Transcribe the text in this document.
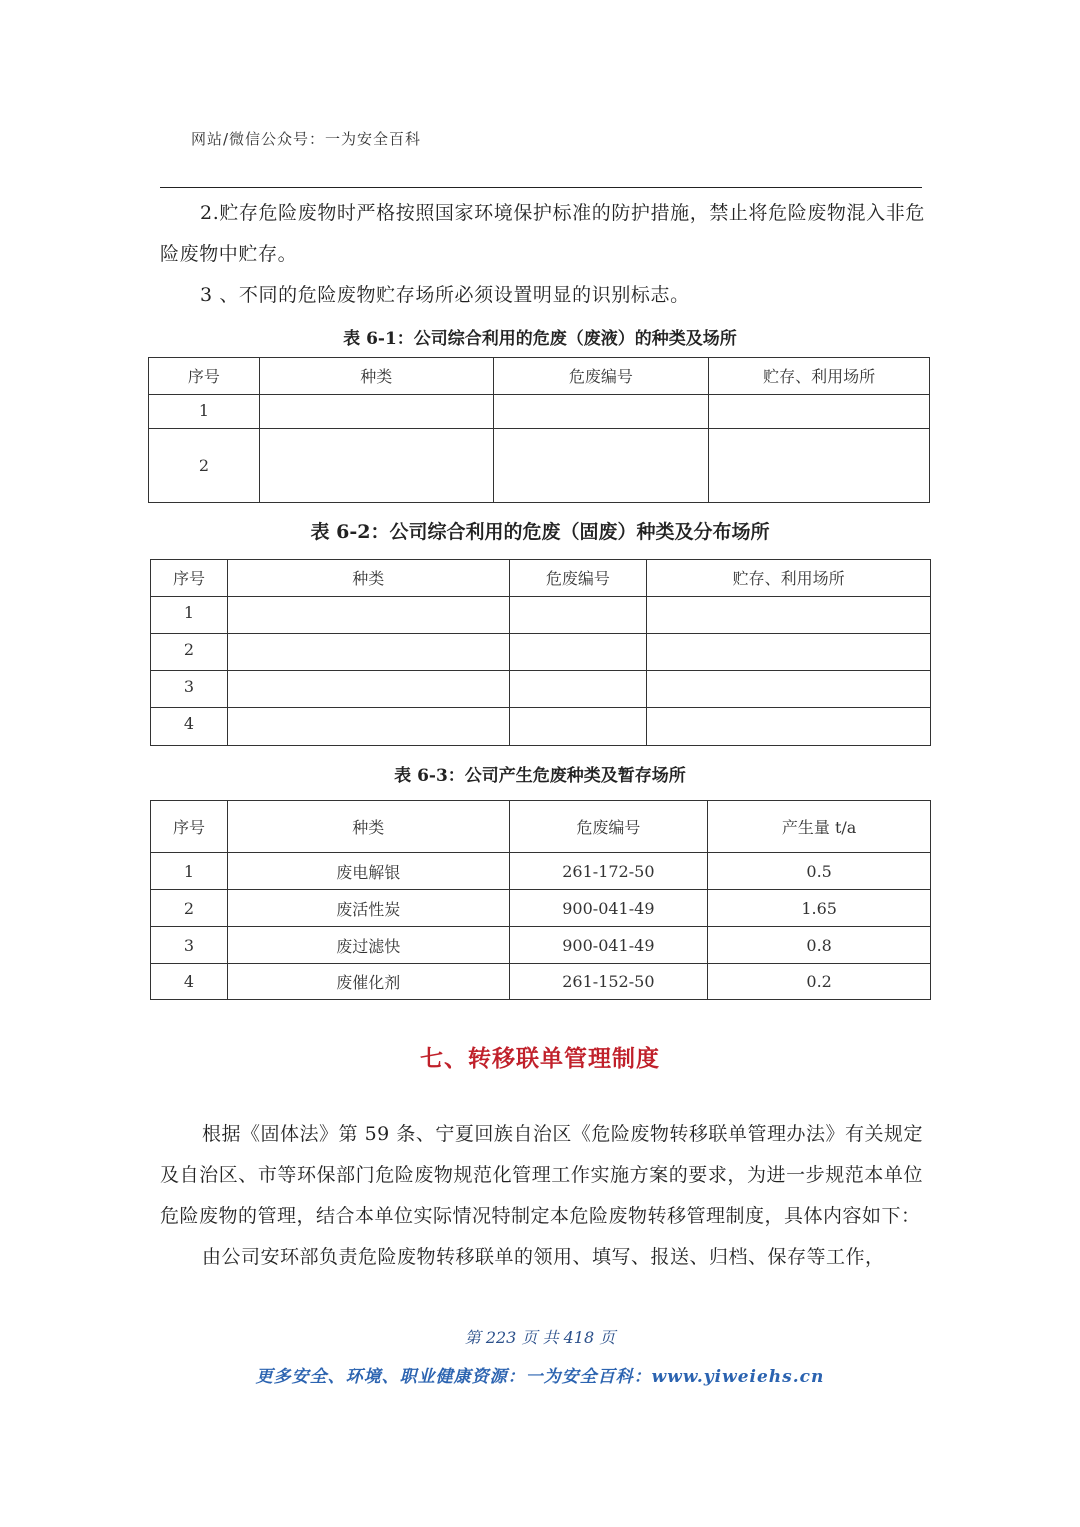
网站/微信公众号：一为安全百科
2.贮存危险废物时严格按照国家环境保护标准的防护措施，禁止将危险废物混入非危险废物中贮存。
3 、不同的危险废物贮存场所必须设置明显的识别标志。
表 6-1：公司综合利用的危废（废液）的种类及场所
序号	种类	危废编号	贮存、利用场所
1			
2			
表 6-2：公司综合利用的危废（固废）种类及分布场所
序号	种类	危废编号	贮存、利用场所
1			
2			
3			
4			
表 6-3：公司产生危废种类及暂存场所
序号	种类	危废编号	产生量 t/a
1	废电解银	261-172-50	0.5
2	废活性炭	900-041-49	1.65
3	废过滤快	900-041-49	0.8
4	废催化剂	261-152-50	0.2
七、转移联单管理制度

根据《固体法》第 59 条、宁夏回族自治区《危险废物转移联单管理办法》有关规定及自治区、市等环保部门危险废物规范化管理工作实施方案的要求，为进一步规范本单位危险废物的管理，结合本单位实际情况特制定本危险废物转移管理制度，具体内容如下：

由公司安环部负责危险废物转移联单的领用、填写、报送、归档、保存等工作，

第 223 页 共 418 页
更多安全、环境、职业健康资源：一为安全百科：www.yiweiehs.cn
